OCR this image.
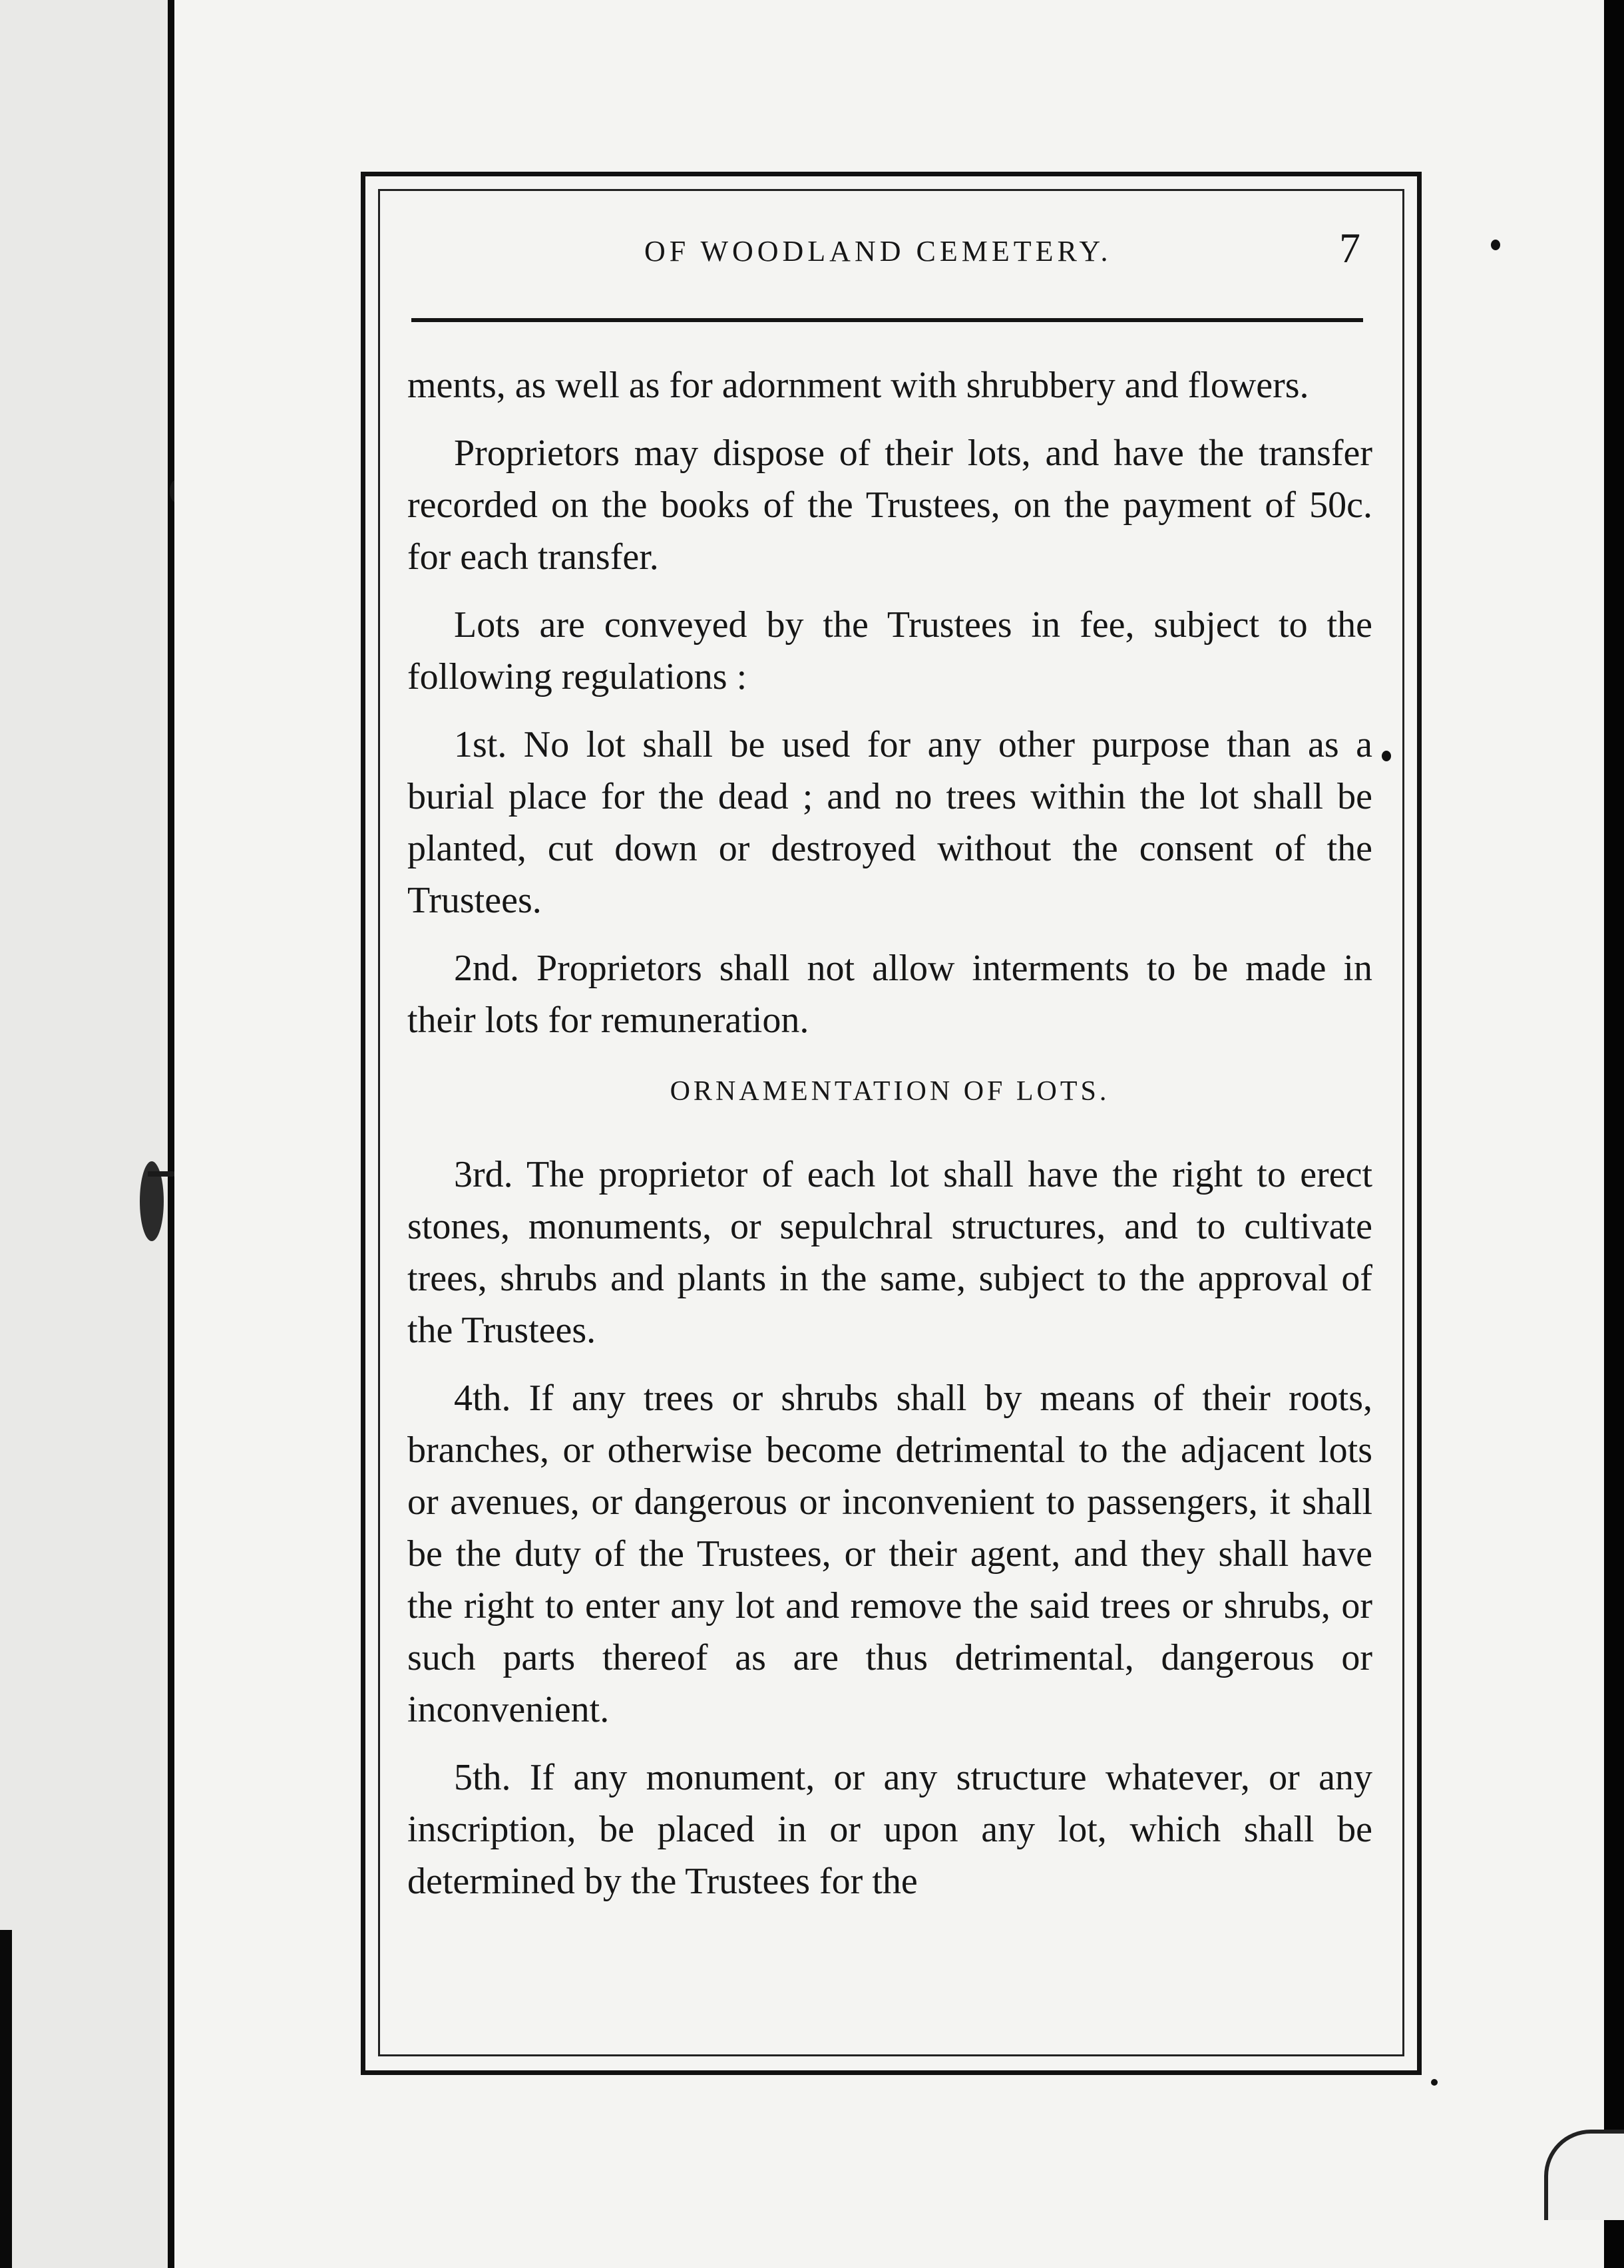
OF WOODLAND CEMETERY.	7

ments, as well as for adornment with shrubbery and flowers.

Proprietors may dispose of their lots, and have the transfer recorded on the books of the Trustees, on the payment of 50c. for each transfer.

Lots are conveyed by the Trustees in fee, subject to the following regulations :

1st. No lot shall be used for any other purpose than as a burial place for the dead ; and no trees within the lot shall be planted, cut down or destroyed without the consent of the Trustees.

2nd. Proprietors shall not allow interments to be made in their lots for remuneration.

ORNAMENTATION OF LOTS.

3rd. The proprietor of each lot shall have the right to erect stones, monuments, or sepulchral structures, and to cultivate trees, shrubs and plants in the same, subject to the approval of the Trustees.

4th. If any trees or shrubs shall by means of their roots, branches, or otherwise become detrimental to the adjacent lots or avenues, or dangerous or inconvenient to passengers, it shall be the duty of the Trustees, or their agent, and they shall have the right to enter any lot and remove the said trees or shrubs, or such parts thereof as are thus detrimental, dangerous or inconvenient.

5th. If any monument, or any structure whatever, or any inscription, be placed in or upon any lot, which shall be determined by the Trustees for the
